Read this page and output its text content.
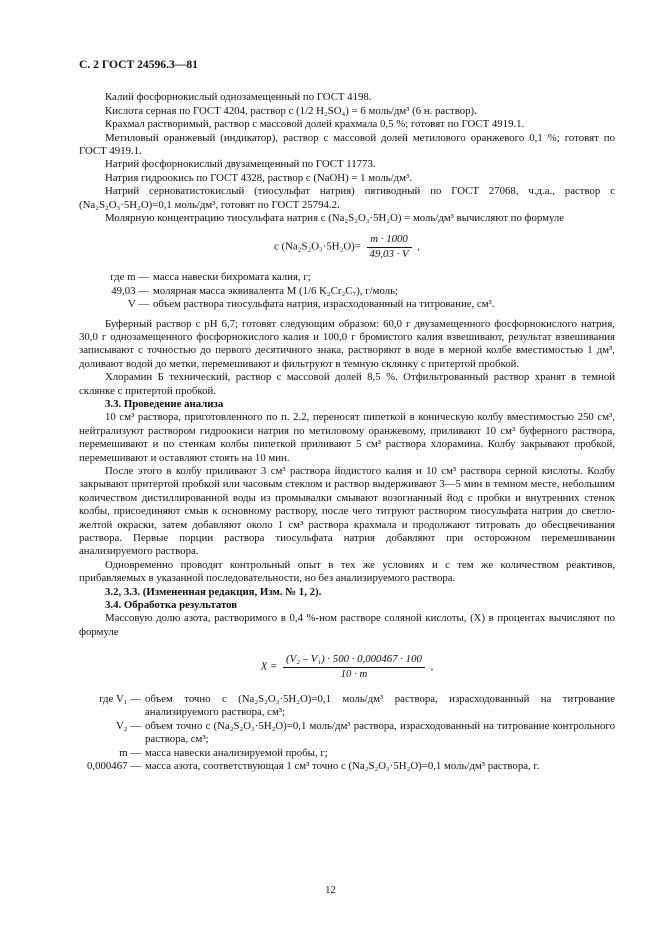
С. 2 ГОСТ 24596.3—81

Калий фосфорнокислый однозамещенный по ГОСТ 4198.

Кислота серная по ГОСТ 4204, раствор c (1/2 H₂SO₄) = 6 моль/дм³ (6 н. раствор).

Крахмал растворимый, раствор с массовой долей крахмала 0,5 %; готовят по ГОСТ 4919.1.

Метиловый оранжевый (индикатор), раствор с массовой долей метилового оранжевого 0,1 %; готовят по ГОСТ 4919.1.

Натрий фосфорнокислый двузамещенный по ГОСТ 11773.

Натрия гидроокись по ГОСТ 4328, раствор c (NaOH) = 1 моль/дм³.

Натрий серноватистокислый (тиосульфат натрия) пятиводный по ГОСТ 27068, ч.д.а., раствор c (Na₂S₂O₃·5H₂O)=0,1 моль/дм³, готовят по ГОСТ 25794.2.

Молярную концентрацию тиосульфата натрия c (Na₂S₂O₃·5H₂O) = моль/дм³ вычисляют по формуле

c $(Na_2S_2O_3\cdot 5H_2O)= \frac{m \cdot 1000}{49,03 \cdot V}$ ,
где m — масса навески бихромата калия, г;
49,03 — молярная масса эквивалента M (1/6 K₂Cr₂C₇), г/моль;
V — объем раствора тиосульфата натрия, израсходованный на титрование, см³.

Буферный раствор с pH 6,7; готовят следующим образом: 60,0 г двузамещенного фосфорнокислого натрия, 30,0 г однозамещенного фосфорнокислого калия и 100,0 г бромистого калия взвешивают, результат взвешивания записывают с точностью до первого десятичного знака, растворяют в воде в мерной колбе вместимостью 1 дм³, доливают водой до метки, перемешивают и фильтруют в темную склянку с притертой пробкой.

Хлорамин Б технический, раствор с массовой долей 8,5 %. Отфильтрованный раствор хранят в темной склянке с притертой пробкой.

3.3. Проведение анализа

10 см³ раствора, приготовленного по п. 2.2, переносят пипеткой в коническую колбу вместимостью 250 см³, нейтрализуют раствором гидроокиси натрия по метиловому оранжевому, приливают 10 см³ буферного раствора, перемешивают и по стенкам колбы пипеткой приливают 5 см³ раствора хлорамина. Колбу закрывают пробкой, перемешивают и оставляют стоять на 10 мин.

После этого в колбу приливают 3 см³ раствора йодистого калия и 10 см³ раствора серной кислоты. Колбу закрывают притертой пробкой или часовым стеклом и раствор выдерживают 3—5 мин в темном месте, небольшим количеством дистиллированной воды из промывалки смывают возогнанный йод с пробки и внутренних стенок колбы, присоединяют смыв к основному раствору, после чего титруют раствором тиосульфата натрия до светло-желтой окраски, затем добавляют около 1 см³ раствора крахмала и продолжают титровать до обесцвечивания раствора. Первые порции раствора тиосульфата натрия добавляют при осторожном перемешивании анализируемого раствора.

Одновременно проводят контрольный опыт в тех же условиях и с тем же количеством реактивов, прибавляемых в указанной последовательности, но без анализируемого раствора.

3.2, 3.3. (Измененная редакция, Изм. № 1, 2).

3.4. Обработка результатов

Массовую долю азота, растворимого в 0,4 %-ном растворе соляной кислоты, (X) в процентах вычисляют по формуле

$X = \frac{\text{(V₂ – V₁) · 500 · 0,000467 · 100}}{10 \cdot m}$ ,
где V₁ — объем точно c (Na₂S₂O₃·5H₂O)=0,1 моль/дм³ раствора, израсходованный на титрование анализируемого раствора, см³;
V₂ — объем точно c (Na₂S₂O₃·5H₂O)=0,1 моль/дм³ раствора, израсходованный на титрование контрольного раствора, см³;
m — масса навески анализируемой пробы, г;
0,000467 — масса азота, соответствующая 1 см³ точно c (Na₂S₂O₃·5H₂O)=0,1 моль/дм³ раствора, г.
12
